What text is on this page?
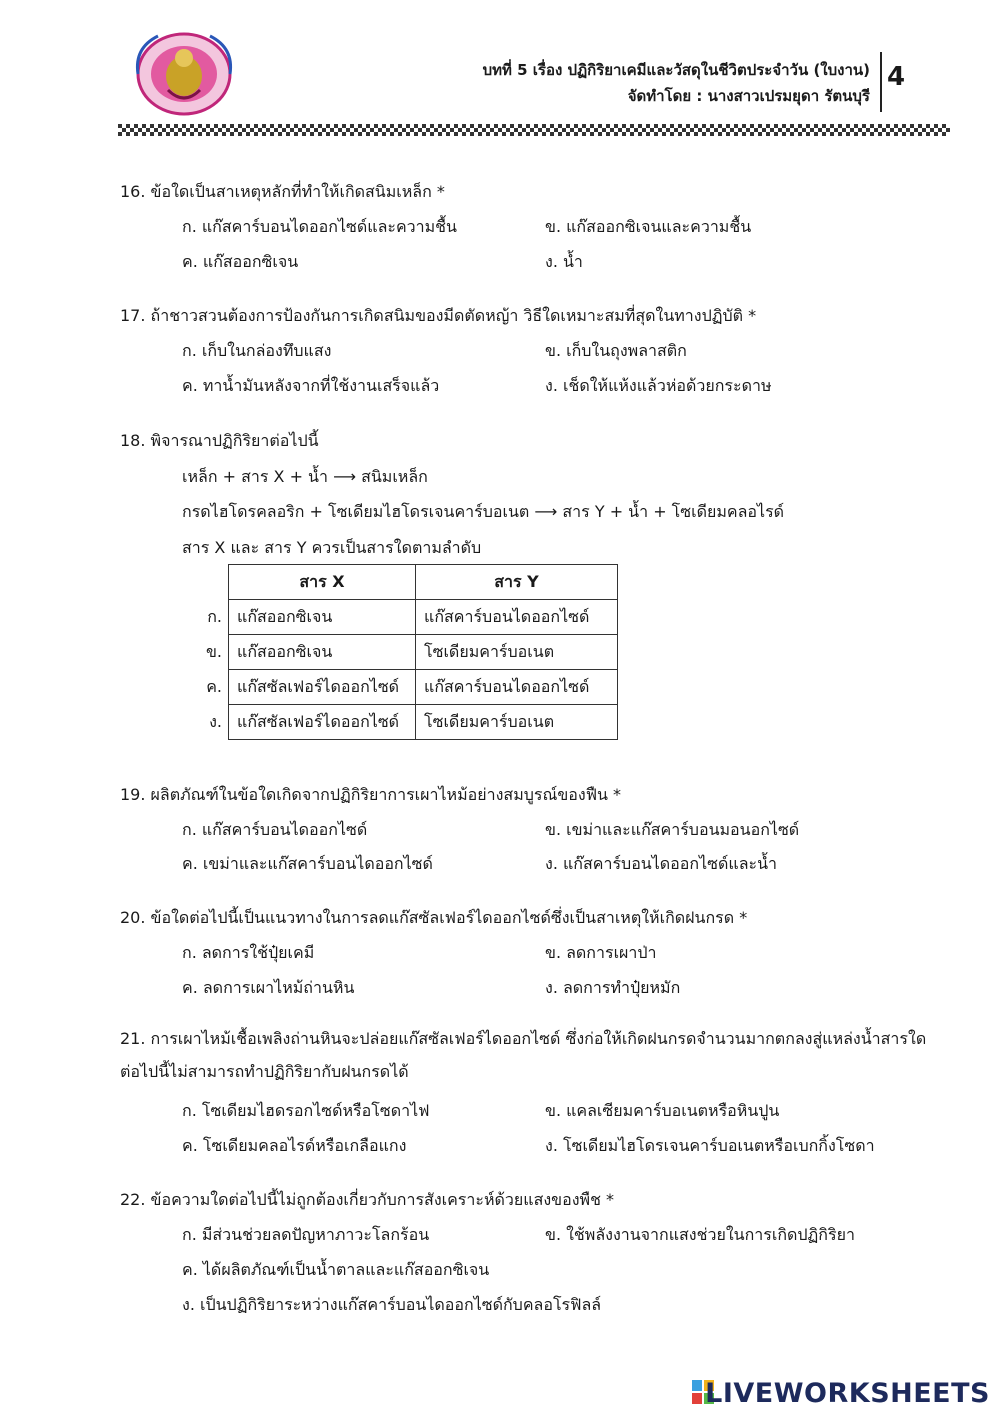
บทที่ 5 เรื่อง ปฏิกิริยาเคมีและวัสดุในชีวิตประจำวัน (ใบงาน)
จัดทำโดย : นางสาวเปรมยุดา รัตนบุรี
4
16. ข้อใดเป็นสาเหตุหลักที่ทำให้เกิดสนิมเหล็ก *
ก. แก๊สคาร์บอนไดออกไซด์และความชื้น	ข. แก๊สออกซิเจนและความชื้น
ค. แก๊สออกซิเจน	ง. น้ำ
17. ถ้าชาวสวนต้องการป้องกันการเกิดสนิมของมีดตัดหญ้า วิธีใดเหมาะสมที่สุดในทางปฏิบัติ *
ก. เก็บในกล่องทึบแสง	ข. เก็บในถุงพลาสติก
ค. ทาน้ำมันหลังจากที่ใช้งานเสร็จแล้ว	ง. เช็ดให้แห้งแล้วห่อด้วยกระดาษ
18. พิจารณาปฏิกิริยาต่อไปนี้
เหล็ก + สาร X + น้ำ ⟶ สนิมเหล็ก
กรดไฮโดรคลอริก + โซเดียมไฮโดรเจนคาร์บอเนต ⟶ สาร Y + น้ำ + โซเดียมคลอไรด์
สาร X และ สาร Y ควรเป็นสารใดตามลำดับ
	สาร X	สาร Y
ก.	แก๊สออกซิเจน	แก๊สคาร์บอนไดออกไซด์
ข.	แก๊สออกซิเจน	โซเดียมคาร์บอเนต
ค.	แก๊สซัลเฟอร์ไดออกไซด์	แก๊สคาร์บอนไดออกไซด์
ง.	แก๊สซัลเฟอร์ไดออกไซด์	โซเดียมคาร์บอเนต
19. ผลิตภัณฑ์ในข้อใดเกิดจากปฏิกิริยาการเผาไหม้อย่างสมบูรณ์ของฟืน *
ก. แก๊สคาร์บอนไดออกไซด์	ข. เขม่าและแก๊สคาร์บอนมอนอกไซด์
ค. เขม่าและแก๊สคาร์บอนไดออกไซด์	ง. แก๊สคาร์บอนไดออกไซด์และน้ำ
20. ข้อใดต่อไปนี้เป็นแนวทางในการลดแก๊สซัลเฟอร์ไดออกไซด์ซึ่งเป็นสาเหตุให้เกิดฝนกรด *
ก. ลดการใช้ปุ๋ยเคมี	ข. ลดการเผาป่า
ค. ลดการเผาไหม้ถ่านหิน	ง. ลดการทำปุ๋ยหมัก
21. การเผาไหม้เชื้อเพลิงถ่านหินจะปล่อยแก๊สซัลเฟอร์ไดออกไซด์ ซึ่งก่อให้เกิดฝนกรดจำนวนมากตกลงสู่แหล่งน้ำสารใดต่อไปนี้ไม่สามารถทำปฏิกิริยากับฝนกรดได้
ก. โซเดียมไฮดรอกไซด์หรือโซดาไฟ	ข. แคลเซียมคาร์บอเนตหรือหินปูน
ค. โซเดียมคลอไรด์หรือเกลือแกง	ง. โซเดียมไฮโดรเจนคาร์บอเนตหรือเบกกิ้งโซดา
22. ข้อความใดต่อไปนี้ไม่ถูกต้องเกี่ยวกับการสังเคราะห์ด้วยแสงของพืช *
ก. มีส่วนช่วยลดปัญหาภาวะโลกร้อน	ข. ใช้พลังงานจากแสงช่วยในการเกิดปฏิกิริยา
ค. ได้ผลิตภัณฑ์เป็นน้ำตาลและแก๊สออกซิเจน
ง. เป็นปฏิกิริยาระหว่างแก๊สคาร์บอนไดออกไซด์กับคลอโรฟิลล์
LIVEWORKSHEETS
